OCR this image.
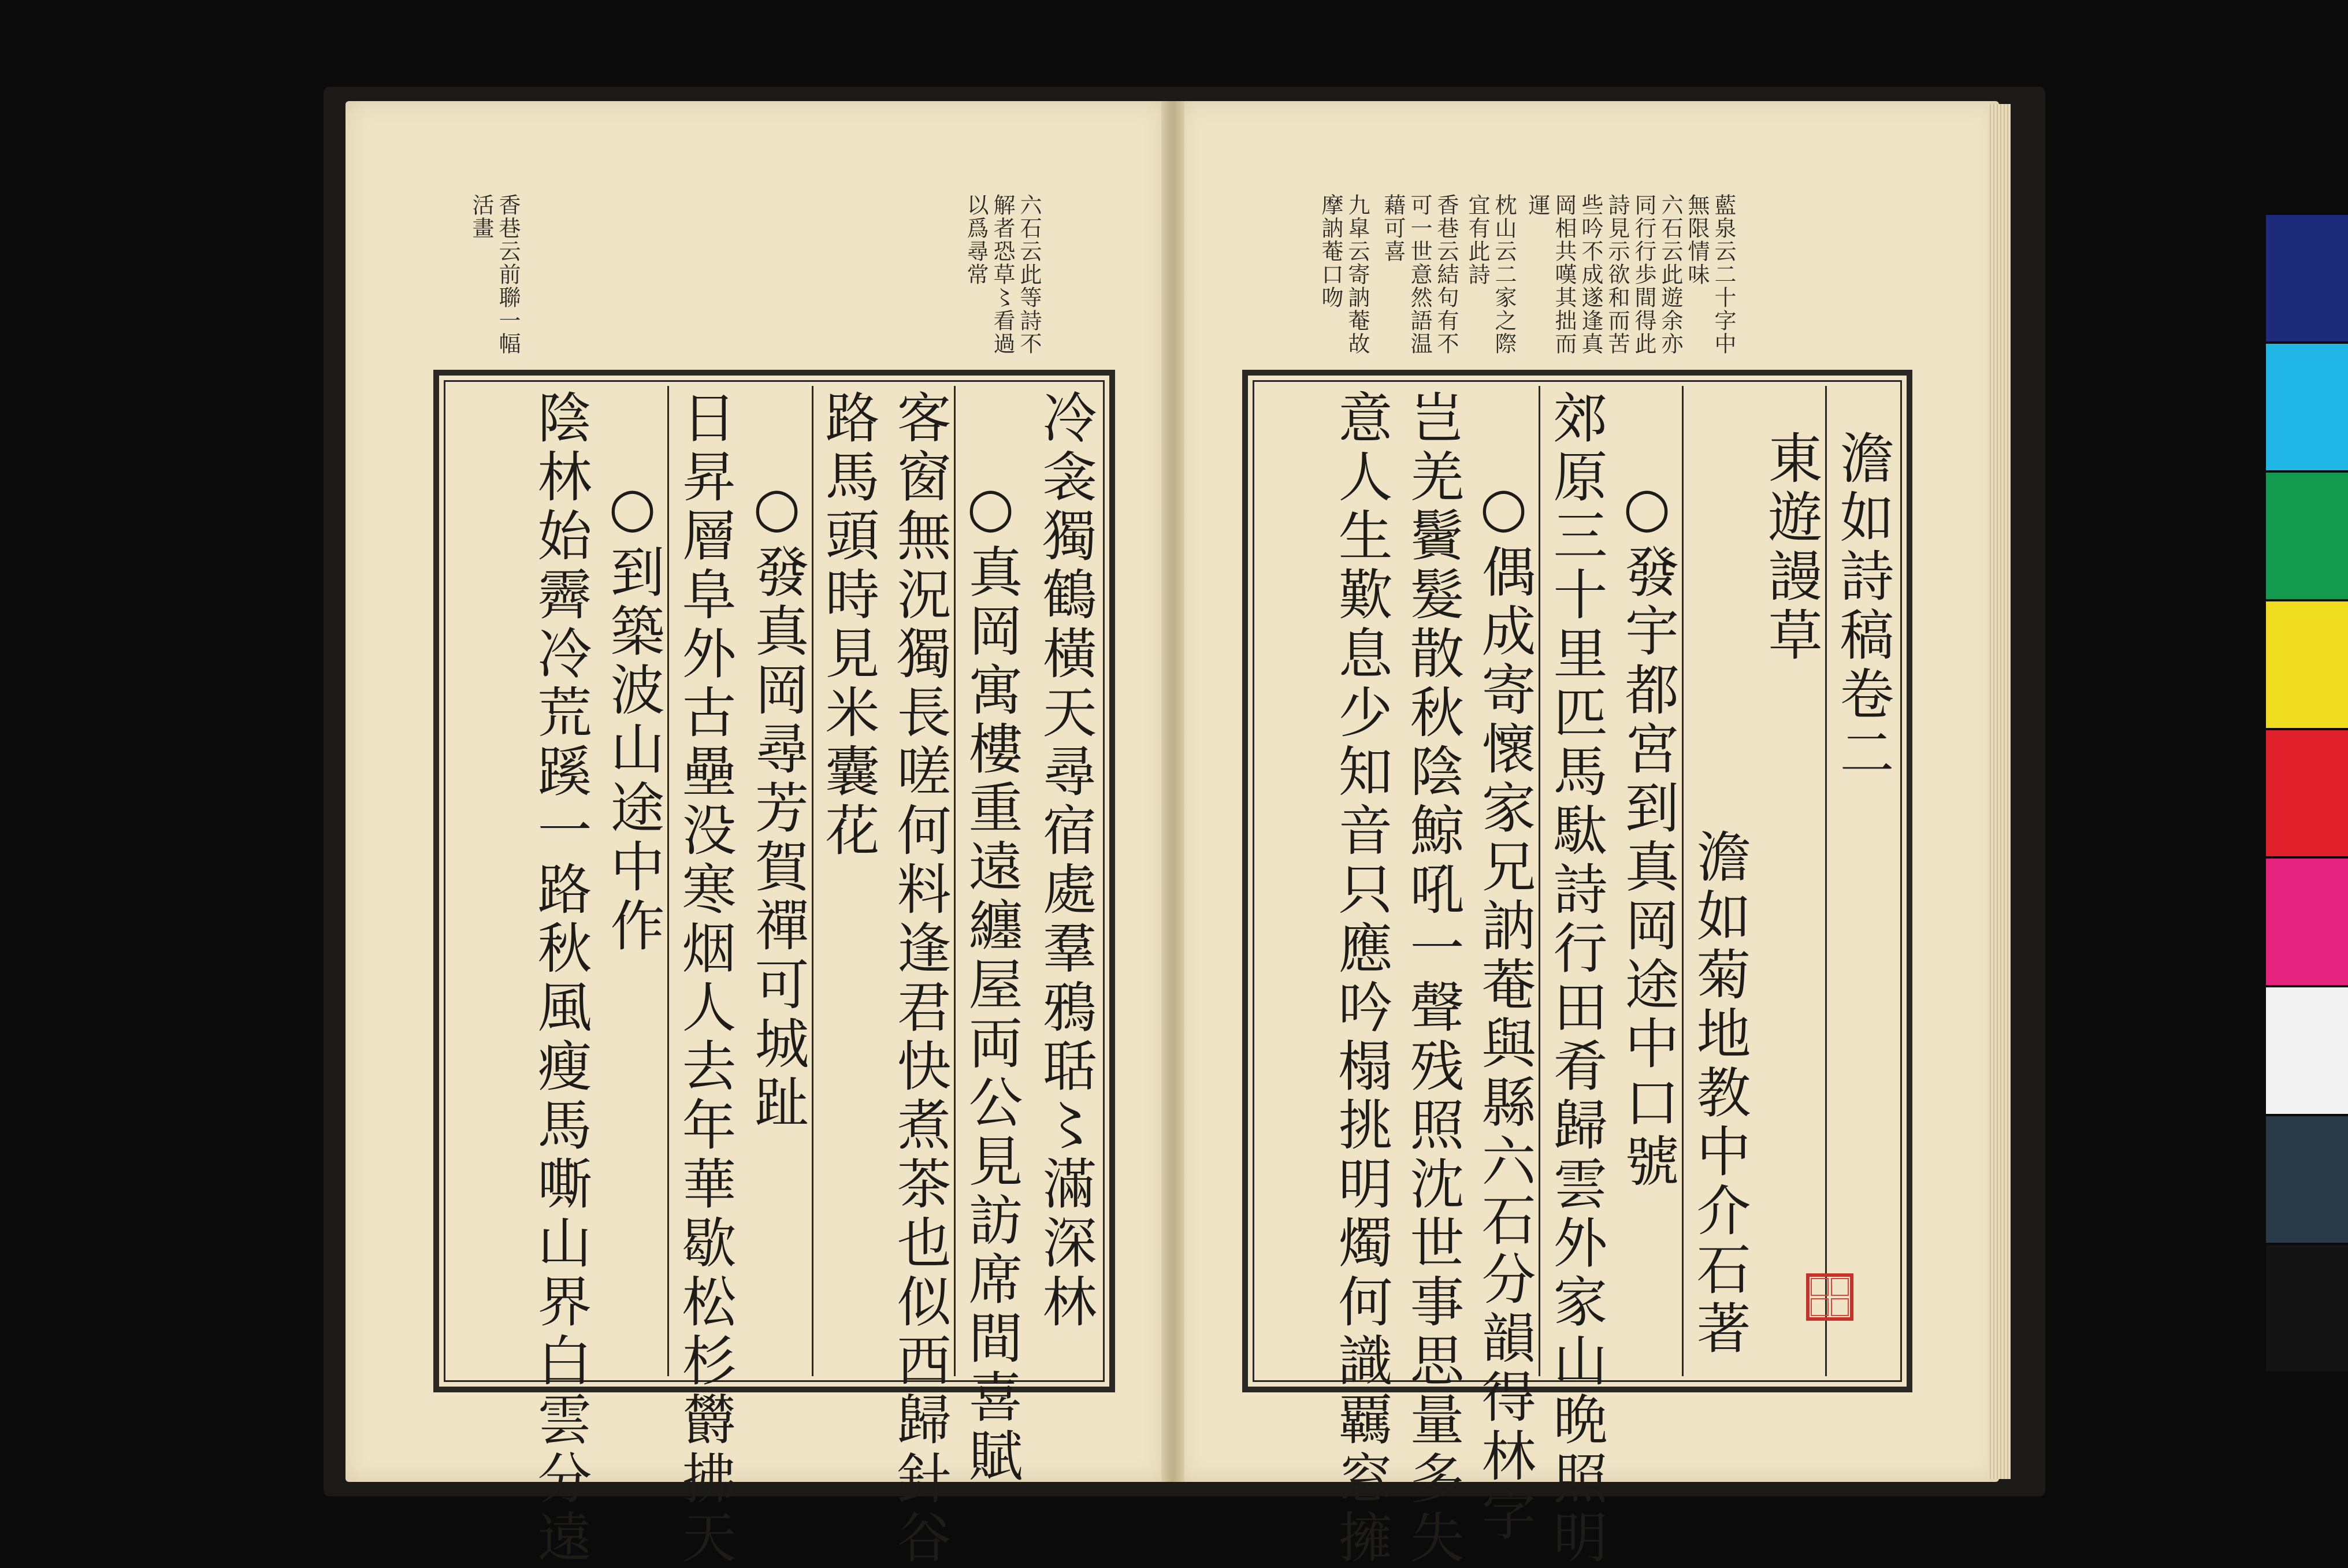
六石云此等詩不
解者恐草〻看過
以爲尋常
香巷云前聯一幅
活畫
冷衾獨鶴橫天尋宿處羣鴉聒〻滿深林
○真岡寓樓重遠纏屋両公見訪席間喜賦
客窗無況獨長嗟何料逢君快煮茶也似西歸針谷
路馬頭時見米囊花
○發真岡尋芳賀禪可城趾
日昇層阜外古壘没寒烟人去年華歇松杉欝拂天
○到築波山途中作
陰林始霽冷荒蹊一路秋風瘦馬嘶山界白雲分遠
藍泉云二十字中
無限情味
六石云此遊余亦
同行行歩間得此
詩見示欲和而苦
些吟不成遂逢真
岡相共嘆其拙而
運
枕山云二家之際
宜有此詩
香巷云結句有不
可一世意然語温
藉可喜
九皐云寄訥菴故
摩訥菴口吻
澹如詩稿卷二
東遊謾草
澹如菊地教中介石著
○發宇都宮到真岡途中口號
郊原三十里匹馬駄詩行田肴歸雲外家山晩照明
○偶成寄懷家兄訥菴與縣六石分韻得林字
岂羌鬢髮散秋陰鯨吼一聲残照沈世事思量多失
意人生歎息少知音只應吟榻挑明燭何識覊窓擁
